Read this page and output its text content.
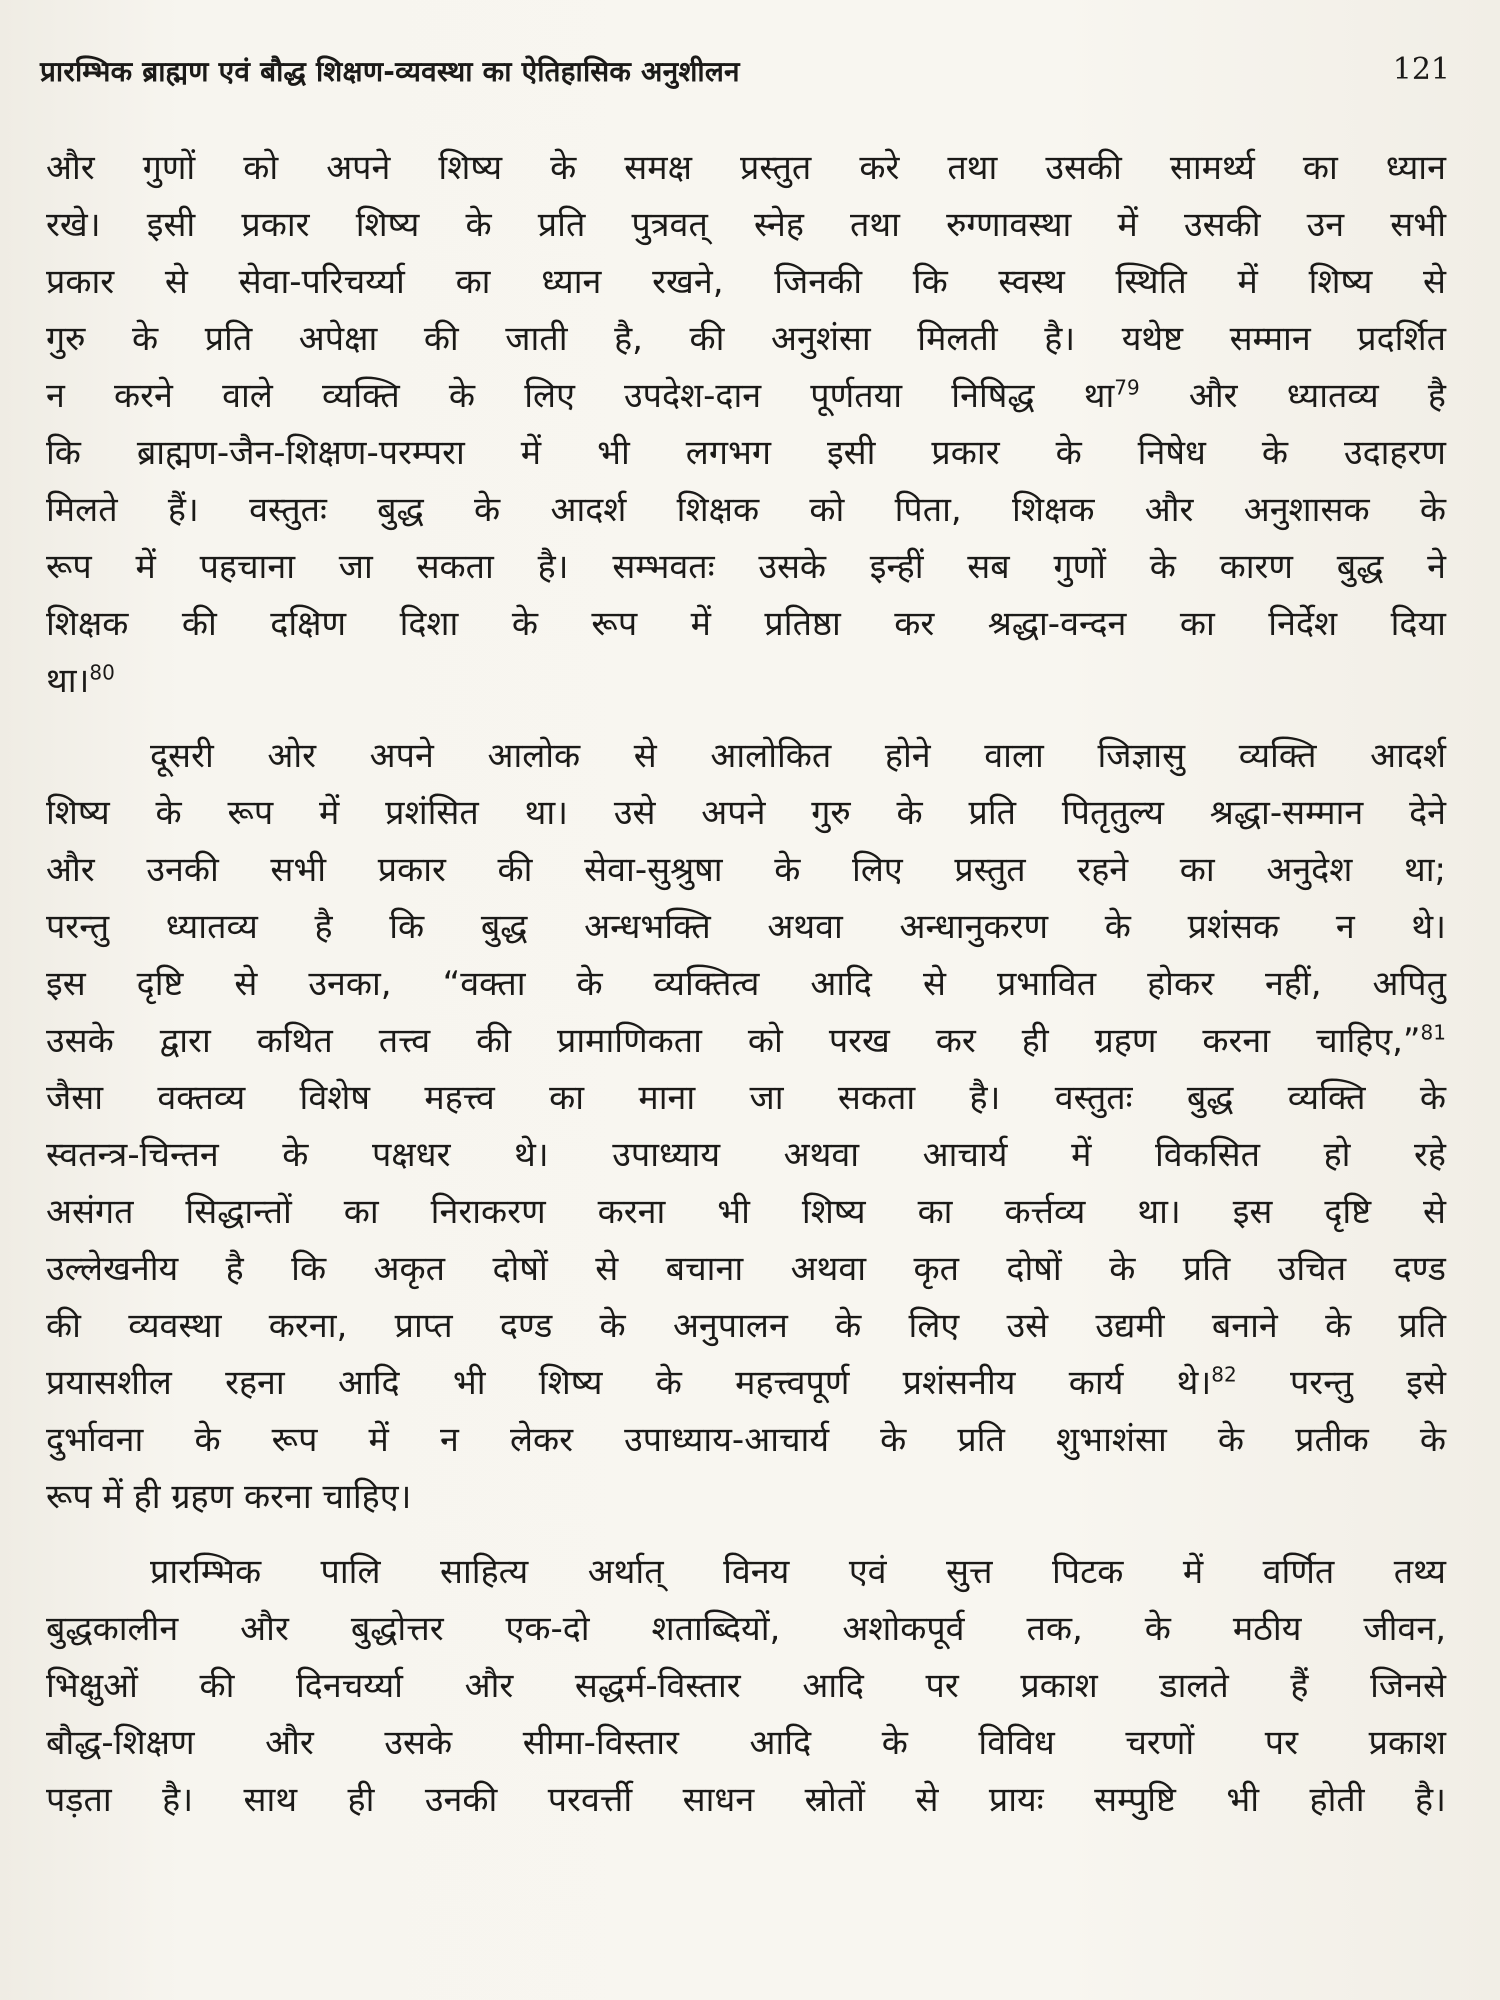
प्रारम्भिक ब्राह्मण एवं बौद्ध शिक्षण-व्यवस्था का ऐतिहासिक अनुशीलन	121
और गुणों को अपने शिष्य के समक्ष प्रस्तुत करे तथा उसकी सामर्थ्य का ध्यान
रखे। इसी प्रकार शिष्य के प्रति पुत्रवत् स्नेह तथा रुग्णावस्था में उसकी उन सभी
प्रकार से सेवा-परिचर्य्या का ध्यान रखने, जिनकी कि स्वस्थ स्थिति में शिष्य से
गुरु के प्रति अपेक्षा की जाती है, की अनुशंसा मिलती है। यथेष्ट सम्मान प्रदर्शित
न करने वाले व्यक्ति के लिए उपदेश-दान पूर्णतया निषिद्ध था$^{79}$ और ध्यातव्य है
कि ब्राह्मण-जैन-शिक्षण-परम्परा में भी लगभग इसी प्रकार के निषेध के उदाहरण
मिलते हैं। वस्तुतः बुद्ध के आदर्श शिक्षक को पिता, शिक्षक और अनुशासक के
रूप में पहचाना जा सकता है। सम्भवतः उसके इन्हीं सब गुणों के कारण बुद्ध ने
शिक्षक की दक्षिण दिशा के रूप में प्रतिष्ठा कर श्रद्धा-वन्दन का निर्देश दिया
था।$^{80}$
दूसरी ओर अपने आलोक से आलोकित होने वाला जिज्ञासु व्यक्ति आदर्श
शिष्य के रूप में प्रशंसित था। उसे अपने गुरु के प्रति पितृतुल्य श्रद्धा-सम्मान देने
और उनकी सभी प्रकार की सेवा-सुश्रुषा के लिए प्रस्तुत रहने का अनुदेश था;
परन्तु ध्यातव्य है कि बुद्ध अन्धभक्ति अथवा अन्धानुकरण के प्रशंसक न थे।
इस दृष्टि से उनका, “वक्ता के व्यक्तित्व आदि से प्रभावित होकर नहीं, अपितु
उसके द्वारा कथित तत्त्व की प्रामाणिकता को परख कर ही ग्रहण करना चाहिए,”$^{81}$
जैसा वक्तव्य विशेष महत्त्व का माना जा सकता है। वस्तुतः बुद्ध व्यक्ति के
स्वतन्त्र-चिन्तन के पक्षधर थे। उपाध्याय अथवा आचार्य में विकसित हो रहे
असंगत सिद्धान्तों का निराकरण करना भी शिष्य का कर्त्तव्य था। इस दृष्टि से
उल्लेखनीय है कि अकृत दोषों से बचाना अथवा कृत दोषों के प्रति उचित दण्ड
की व्यवस्था करना, प्राप्त दण्ड के अनुपालन के लिए उसे उद्यमी बनाने के प्रति
प्रयासशील रहना आदि भी शिष्य के महत्त्वपूर्ण प्रशंसनीय कार्य थे।$^{82}$ परन्तु इसे
दुर्भावना के रूप में न लेकर उपाध्याय-आचार्य के प्रति शुभाशंसा के प्रतीक के
रूप में ही ग्रहण करना चाहिए।
प्रारम्भिक पालि साहित्य अर्थात् विनय एवं सुत्त पिटक में वर्णित तथ्य
बुद्धकालीन और बुद्धोत्तर एक-दो शताब्दियों, अशोकपूर्व तक, के मठीय जीवन,
भिक्षुओं की दिनचर्य्या और सद्धर्म-विस्तार आदि पर प्रकाश डालते हैं जिनसे
बौद्ध-शिक्षण और उसके सीमा-विस्तार आदि के विविध चरणों पर प्रकाश
पड़ता है। साथ ही उनकी परवर्त्ती साधन स्रोतों से प्रायः सम्पुष्टि भी होती है।
